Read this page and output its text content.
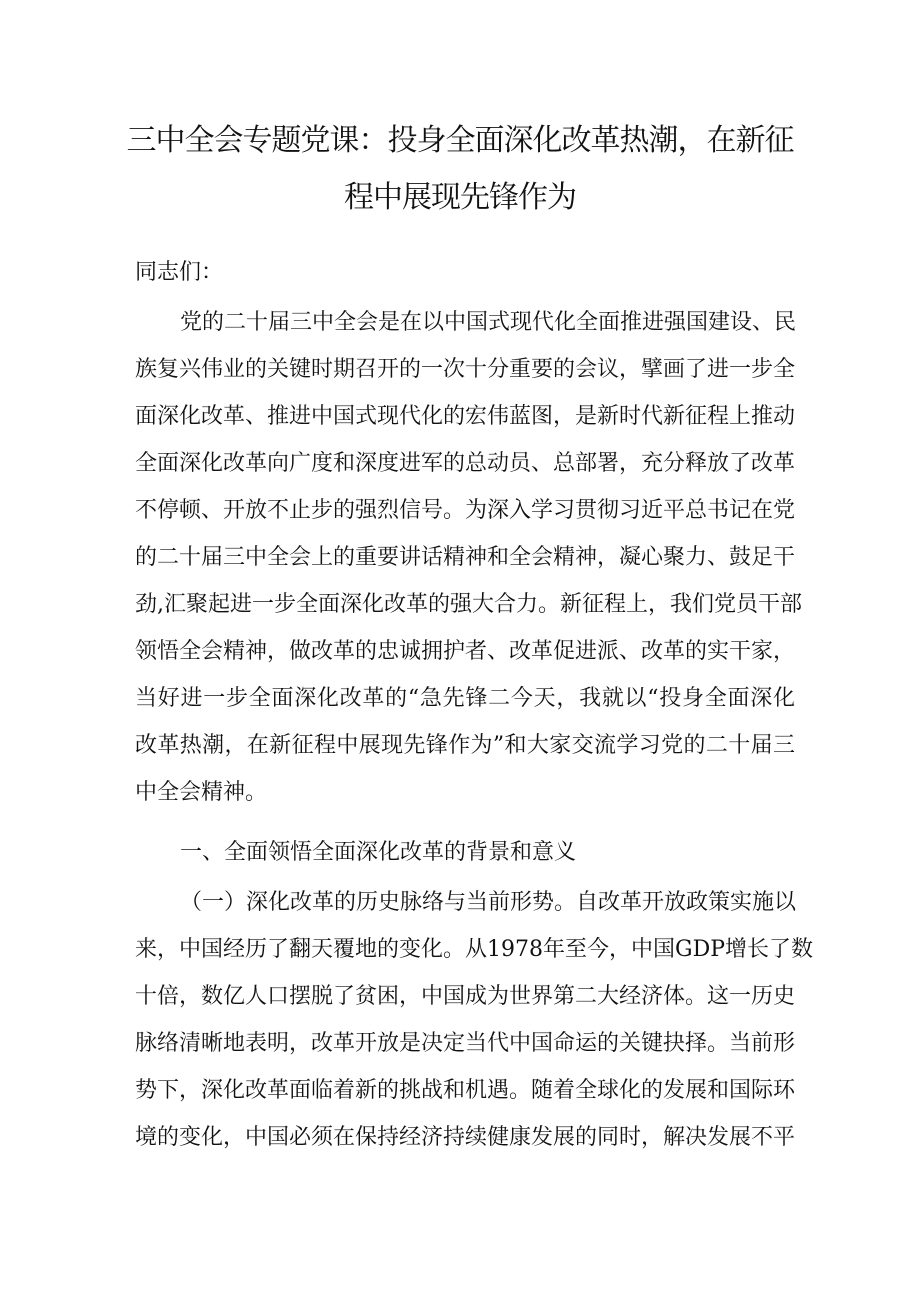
三中全会专题党课：投身全面深化改革热潮，在新征
程中展现先锋作为
同志们：
党的二十届三中全会是在以中国式现代化全面推进强国建设、民
族复兴伟业的关键时期召开的一次十分重要的会议，擘画了进一步全
面深化改革、推进中国式现代化的宏伟蓝图，是新时代新征程上推动
全面深化改革向广度和深度进军的总动员、总部署，充分释放了改革
不停顿、开放不止步的强烈信号。为深入学习贯彻习近平总书记在党
的二十届三中全会上的重要讲话精神和全会精神，凝心聚力、鼓足干
劲,汇聚起进一步全面深化改革的强大合力。新征程上，我们党员干部
领悟全会精神，做改革的忠诚拥护者、改革促进派、改革的实干家，
当好进一步全面深化改革的“急先锋二今天，我就以“投身全面深化
改革热潮，在新征程中展现先锋作为”和大家交流学习党的二十届三
中全会精神。
一、全面领悟全面深化改革的背景和意义
（一）深化改革的历史脉络与当前形势。自改革开放政策实施以
来，中国经历了翻天覆地的变化。从1978年至今，中国GDP增长了数
十倍，数亿人口摆脱了贫困，中国成为世界第二大经济体。这一历史
脉络清晰地表明，改革开放是决定当代中国命运的关键抉择。当前形
势下，深化改革面临着新的挑战和机遇。随着全球化的发展和国际环
境的变化，中国必须在保持经济持续健康发展的同时，解决发展不平
